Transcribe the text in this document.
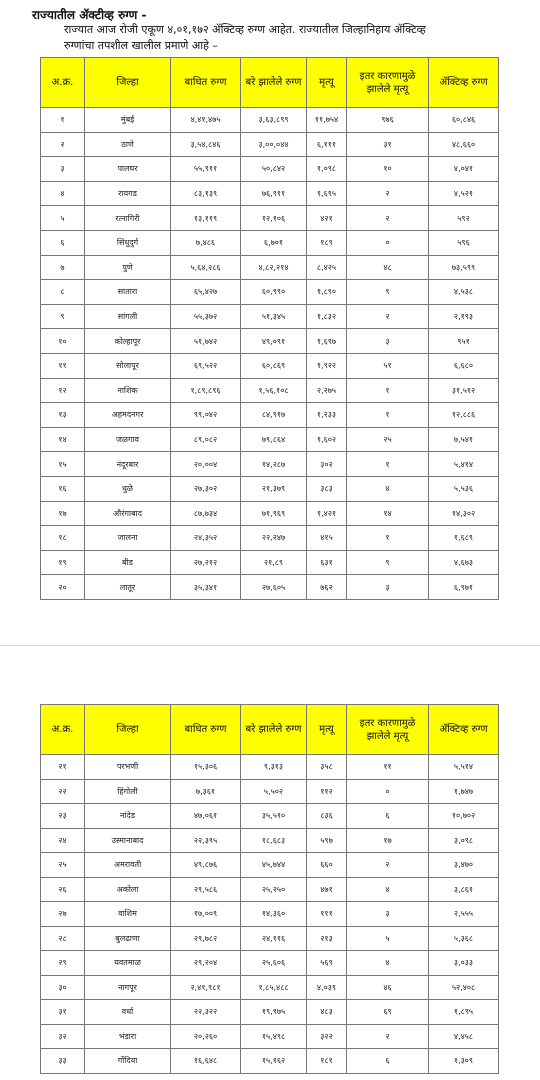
राज्यातील ॲक्टीव्ह रुग्ण -
राज्यात आज रोजी एकूण ४,०१,१७२ ॲक्टिव्ह रुग्ण आहेत. राज्यातील जिल्हानिहाय ॲक्टिव्ह
रुग्णांचा तपशील खालील प्रमाणे आहे –
अ.क्र.	जिल्हा	बाधित रुग्ण	बरे झालेले रुग्ण	मृत्यू	इतर कारणामुळे झालेले मृत्यू	ॲक्टिव्ह रुग्ण
१	मुंबई	४,४१,४७५	३,६३,८९९	११,७५४	९७६	६०,८४६
२	ठाणे	३,५४,८४६	३,००,०४४	६,१११	३१	४८,६६०
३	पालघर	५५,९११	५०,८४२	१,०९८	१०	४,०४१
४	रायगड	८३,१३९	७६,९११	१,६९५	२	४,५२१
५	रत्नागिरी	१३,११९	१२,१०६	४२१	२	५९२
६	सिंधुदुर्ग	७,४८६	६,७०१	१८९	०	५९६
७	पुणे	५,६४,२८६	४,८२,२१४	८,४२५	४८	७३,५९९
८	सातारा	६५,४२७	६०,९९०	१,८९०	९	४,५३८
९	सांगली	५५,३७२	५१,३४५	१,८३२	२	२,१९३
१०	कोल्हापूर	५१,७४२	४९,०९१	१,६९७	३	९५१
११	सोलापूर	६९,५२२	६०,८६९	१,९२२	५१	६,६८०
१२	नाशिक	१,८९,८९६	१,५६,१०८	२,२७५	१	३१,५१२
१३	अहमदनगर	९९,०४२	८४,९१७	१,२३३	१	१२,८८६
१४	जळगाव	८९,०८२	७९,८६४	१,६०२	२५	७,५४१
१५	नंदूरबार	२०,००४	१४,२८७	३०२	१	५,४१४
१६	धुळे	२७,३०२	२१,३७९	३८३	४	५,५३६
१७	औरंगाबाद	८७,७३४	७१,९६९	१,४२१	१४	१४,३०२
१८	जालना	२४,३५२	२२,२४७	४१५	१	१,६८९
१९	बीड	२७,२१२	२१,८९	६३१	९	४,६७३
२०	लातूर	३५,३४१	२७,६०५	७६२	३	६,९७१
अ.क्र.	जिल्हा	बाधित रुग्ण	बरे झालेले रुग्ण	मृत्यू	इतर कारणामुळे झालेले मृत्यू	ॲक्टिव्ह रुग्ण
२१	परभणी	१५,३०६	९,३१३	३५८	११	५,५१४
२२	हिंगोली	७,३६१	५,५०२	११२	०	१,७४७
२३	नांदेड	४७,०६१	३५,५१०	८३६	६	१०,७०२
२४	उस्मानाबाद	२२,३९५	१८,६८३	५९७	१७	३,०९८
२५	अमरावती	४९,८७६	४५,७४४	६६०	२	३,४७०
२६	अकोला	२९,५८६	२५,२५०	४७१	४	३,८६१
२७	वाशिम	१७,००९	१४,३६०	१११	३	२,५५५
२८	बुलढाणा	२९,७८२	२४,११६	२१३	५	५,३६८
२९	यवतमाळ	२९,२०४	२५,६०६	५६९	४	३,०३३
३०	नागपूर	२,४१,९८१	१,८५,४८८	४,०३९	४६	५२,४०८
३१	वर्धा	२२,३२२	१९,९७५	४८३	६९	१,८९५
३२	भंडारा	२०,२६०	१५,४९८	३२२	२	४,४५८
३३	गोंदिया	१६,६४८	१५,१६२	१८१	६	१,३०९
